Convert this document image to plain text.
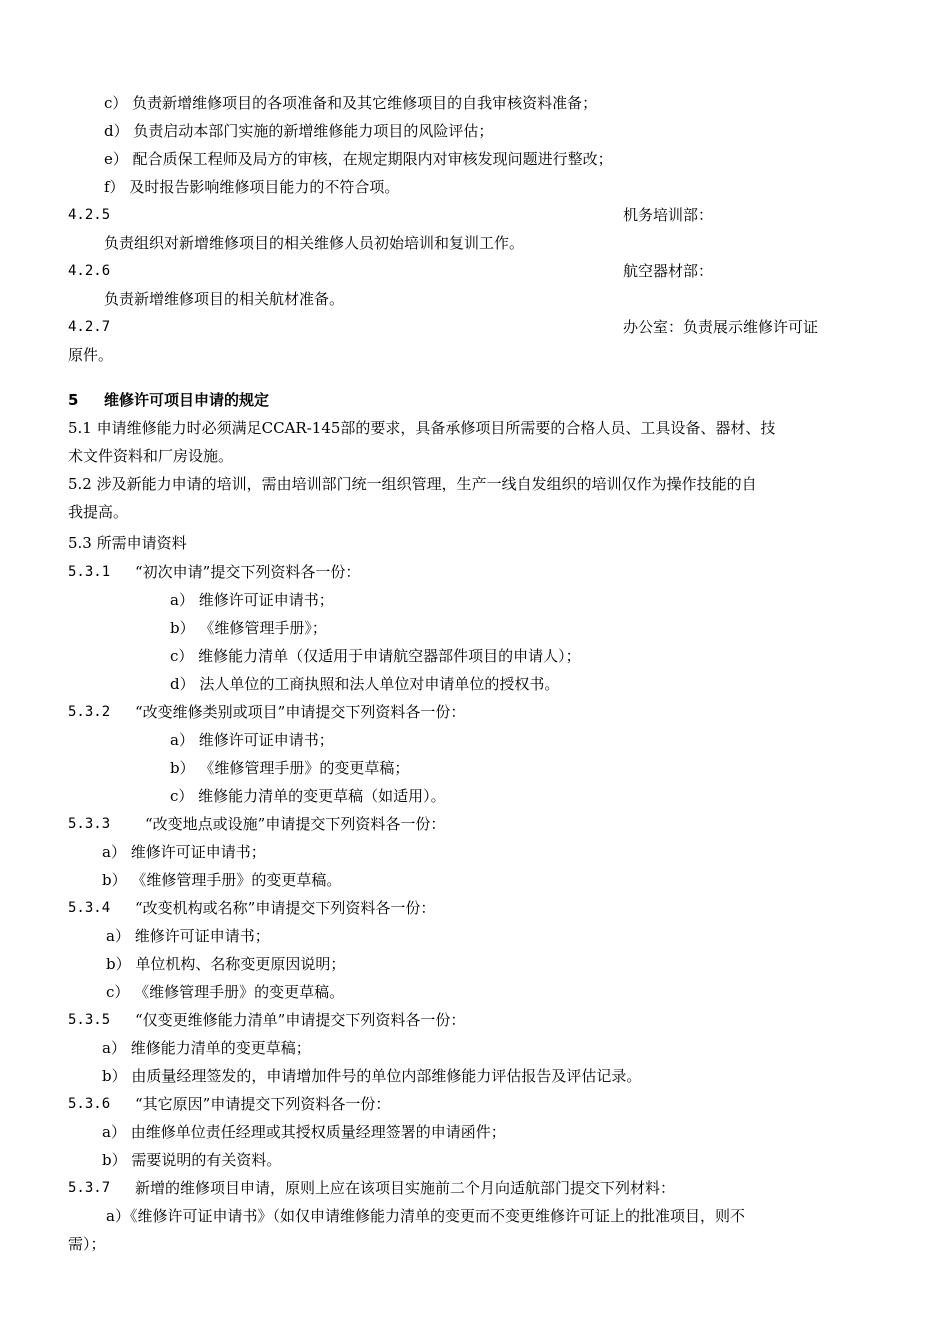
c） 负责新增维修项目的各项准备和及其它维修项目的自我审核资料准备；
d） 负责启动本部门实施的新增维修能力项目的风险评估；
e） 配合质保工程师及局方的审核，在规定期限内对审核发现问题进行整改；
f） 及时报告影响维修项目能力的不符合项。
4.2.5	机务培训部：
负责组织对新增维修项目的相关维修人员初始培训和复训工作。
4.2.6	航空器材部：
负责新增维修项目的相关航材准备。
4.2.7	办公室：负责展示维修许可证
原件。
5 维修许可项目申请的规定
5.1 申请维修能力时必须满足CCAR-145部的要求，具备承修项目所需要的合格人员、工具设备、器材、技
术文件资料和厂房设施。
5.2 涉及新能力申请的培训，需由培训部门统一组织管理，生产一线自发组织的培训仅作为操作技能的自
我提高。
5.3 所需申请资料
5.3.1 “初次申请”提交下列资料各一份：
a） 维修许可证申请书；
b） 《维修管理手册》；
c） 维修能力清单（仅适用于申请航空器部件项目的申请人）；
d） 法人单位的工商执照和法人单位对申请单位的授权书。
5.3.2 “改变维修类别或项目”申请提交下列资料各一份：
a） 维修许可证申请书；
b） 《维修管理手册》的变更草稿；
c） 维修能力清单的变更草稿（如适用）。
5.3.3 “改变地点或设施”申请提交下列资料各一份：
a） 维修许可证申请书；
b） 《维修管理手册》的变更草稿。
5.3.4 “改变机构或名称”申请提交下列资料各一份：
a） 维修许可证申请书；
b） 单位机构、名称变更原因说明；
c） 《维修管理手册》的变更草稿。
5.3.5 “仅变更维修能力清单”申请提交下列资料各一份：
a） 维修能力清单的变更草稿；
b） 由质量经理签发的，申请增加件号的单位内部维修能力评估报告及评估记录。
5.3.6 “其它原因”申请提交下列资料各一份：
a） 由维修单位责任经理或其授权质量经理签署的申请函件；
b） 需要说明的有关资料。
5.3.7 新增的维修项目申请，原则上应在该项目实施前二个月向适航部门提交下列材料：
a）《维修许可证申请书》（如仅申请维修能力清单的变更而不变更维修许可证上的批准项目，则不
需）；
